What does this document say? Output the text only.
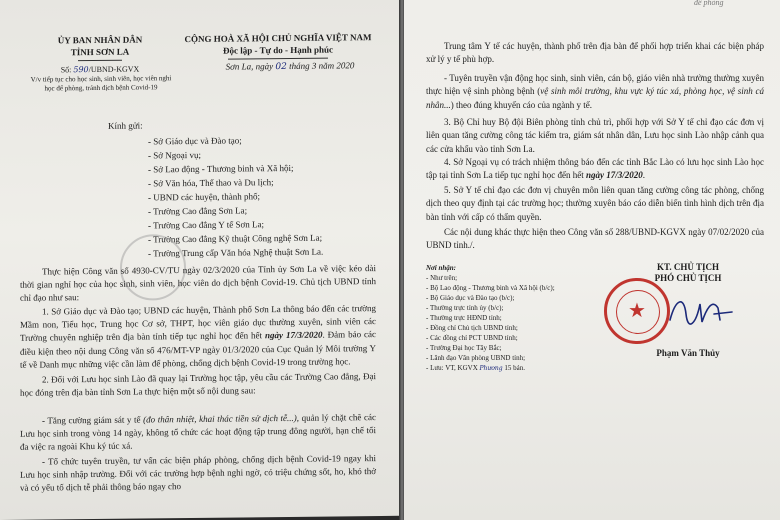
ỦY BAN NHÂN DÂN
TỈNH SƠN LA
Số: 590/UBND-KGVX
V/v tiếp tục cho học sinh, sinh viên, học viên nghỉ học để phòng, tránh dịch bệnh Covid-19
CỘNG HOÀ XÃ HỘI CHỦ NGHĨA VIỆT NAM
Độc lập - Tự do - Hạnh phúc
Sơn La, ngày 02 tháng 3 năm 2020
Kính gửi:
- Sở Giáo dục và Đào tạo;
- Sở Ngoại vụ;
- Sở Lao động - Thương binh và Xã hội;
- Sở Văn hóa, Thể thao và Du lịch;
- UBND các huyện, thành phố;
- Trường Cao đẳng Sơn La;
- Trường Cao đẳng Y tế Sơn La;
- Trường Cao đẳng Kỹ thuật Công nghệ Sơn La;
- Trường Trung cấp Văn hóa Nghệ thuật Sơn La.
Thực hiện Công văn số 4930-CV/TU ngày 02/3/2020 của Tỉnh ủy Sơn La về việc kéo dài thời gian nghỉ học của học sinh, sinh viên, học viên do dịch bệnh Covid-19. Chủ tịch UBND tỉnh chỉ đạo như sau:
1. Sở Giáo dục và Đào tạo; UBND các huyện, Thành phố Sơn La thông báo đến các trường Mầm non, Tiểu học, Trung học Cơ sở, THPT, học viên giáo dục thường xuyên, sinh viên các Trường chuyên nghiệp trên địa bàn tỉnh tiếp tục nghỉ học đến hết ngày 17/3/2020. Đảm bảo các điều kiện theo nội dung Công văn số 476/MT-VP ngày 01/3/2020 của Cục Quản lý Môi trường Y tế về Danh mục những việc cần làm để phòng, chống dịch bệnh Covid-19 trong trường học.
2. Đối với Lưu học sinh Lào đã quay lại Trường học tập, yêu cầu các Trường Cao đẳng, Đại học đóng trên địa bàn tỉnh Sơn La thực hiện một số nội dung sau:
- Tăng cường giám sát y tế (đo thân nhiệt, khai thác tiền sử dịch tễ...), quản lý chặt chẽ các Lưu học sinh trong vòng 14 ngày, không tổ chức các hoạt động tập trung đông người, hạn chế tối đa việc ra ngoài Khu ký túc xá.
- Tổ chức tuyên truyền, tư vấn các biện pháp phòng, chống dịch bệnh Covid-19 ngay khi Lưu học sinh nhập trường. Đối với các trường hợp bệnh nghi ngờ, có triệu chứng sốt, ho, khó thở và có yếu tố dịch tễ phải thông báo ngay cho
đề phòng
Trung tâm Y tế các huyện, thành phố trên địa bàn để phối hợp triển khai các biện pháp xử lý y tế phù hợp.
- Tuyên truyền vận động học sinh, sinh viên, cán bộ, giáo viên nhà trường thường xuyên thực hiện vệ sinh phòng bệnh (vệ sinh môi trường, khu vực ký túc xá, phòng học, vệ sinh cá nhân...) theo đúng khuyến cáo của ngành y tế.
3. Bộ Chỉ huy Bộ đội Biên phòng tỉnh chủ trì, phối hợp với Sở Y tế chỉ đạo các đơn vị liên quan tăng cường công tác kiểm tra, giám sát nhân dân, Lưu học sinh Lào nhập cảnh qua các cửa khẩu vào tỉnh Sơn La.
4. Sở Ngoại vụ có trách nhiệm thông báo đến các tỉnh Bắc Lào có lưu học sinh Lào học tập tại tỉnh Sơn La tiếp tục nghỉ học đến hết ngày 17/3/2020.
5. Sở Y tế chỉ đạo các đơn vị chuyên môn liên quan tăng cường công tác phòng, chống dịch theo quy định tại các trường học; thường xuyên báo cáo diễn biến tình hình dịch trên địa bàn tỉnh với cấp có thẩm quyền.
Các nội dung khác thực hiện theo Công văn số 288/UBND-KGVX ngày 07/02/2020 của UBND tỉnh./.
Nơi nhận:
- Như trên;
- Bộ Lao động - Thương binh và Xã hội (b/c);
- Bộ Giáo dục và Đào tạo (b/c);
- Thường trực tỉnh ủy (b/c);
- Thường trực HĐND tỉnh;
- Đồng chí Chủ tịch UBND tỉnh;
- Các đồng chí PCT UBND tỉnh;
- Trường Đại học Tây Bắc;
- Lãnh đạo Văn phòng UBND tỉnh;
- Lưu: VT, KGVX Phương 15 bản.
KT. CHỦ TỊCH
PHÓ CHỦ TỊCH
★
Phạm Văn Thủy
